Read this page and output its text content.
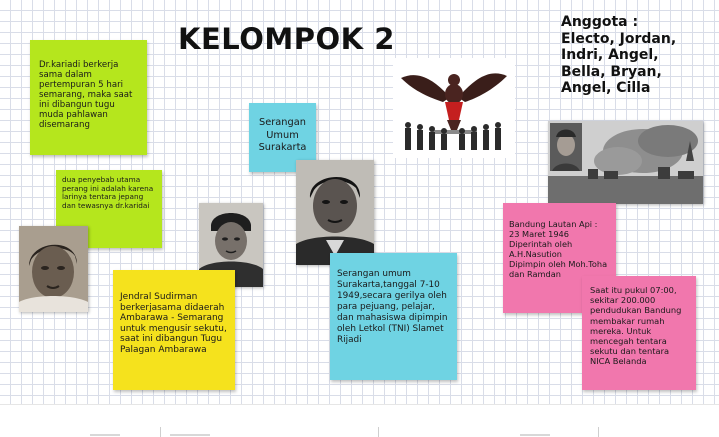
KELOMPOK 2	Anggota :
Electo, Jordan,
Indri, Angel,
Bella, Bryan,
Angel, Cilla
Dr.kariadi berkerja sama dalam pertempuran 5 hari semarang, maka saat ini dibangun tugu muda pahlawan disemarang
dua penyebab utama perang ini adalah karena larinya tentara jepang dan tewasnya dr.karidai
Jendral Sudirman berkerjasama didaerah Ambarawa - Semarang untuk mengusir sekutu, saat ini dibangun Tugu Palagan Ambarawa
Serangan
Umum
Surakarta
Serangan umum Surakarta,tanggal 7-10 1949,secara gerilya oleh para pejuang, pelajar, dan mahasiswa dipimpin oleh Letkol (TNI) Slamet Rijadi
Bandung Lautan Api :
23 Maret 1946
Diperintah oleh A.H.Nasution
Dipimpin oleh Moh.Toha dan Ramdan
Saat itu pukul 07:00, sekitar 200.000 pendudukan Bandung membakar rumah mereka. Untuk mencegah tentara sekutu dan tentara NICA Belanda
